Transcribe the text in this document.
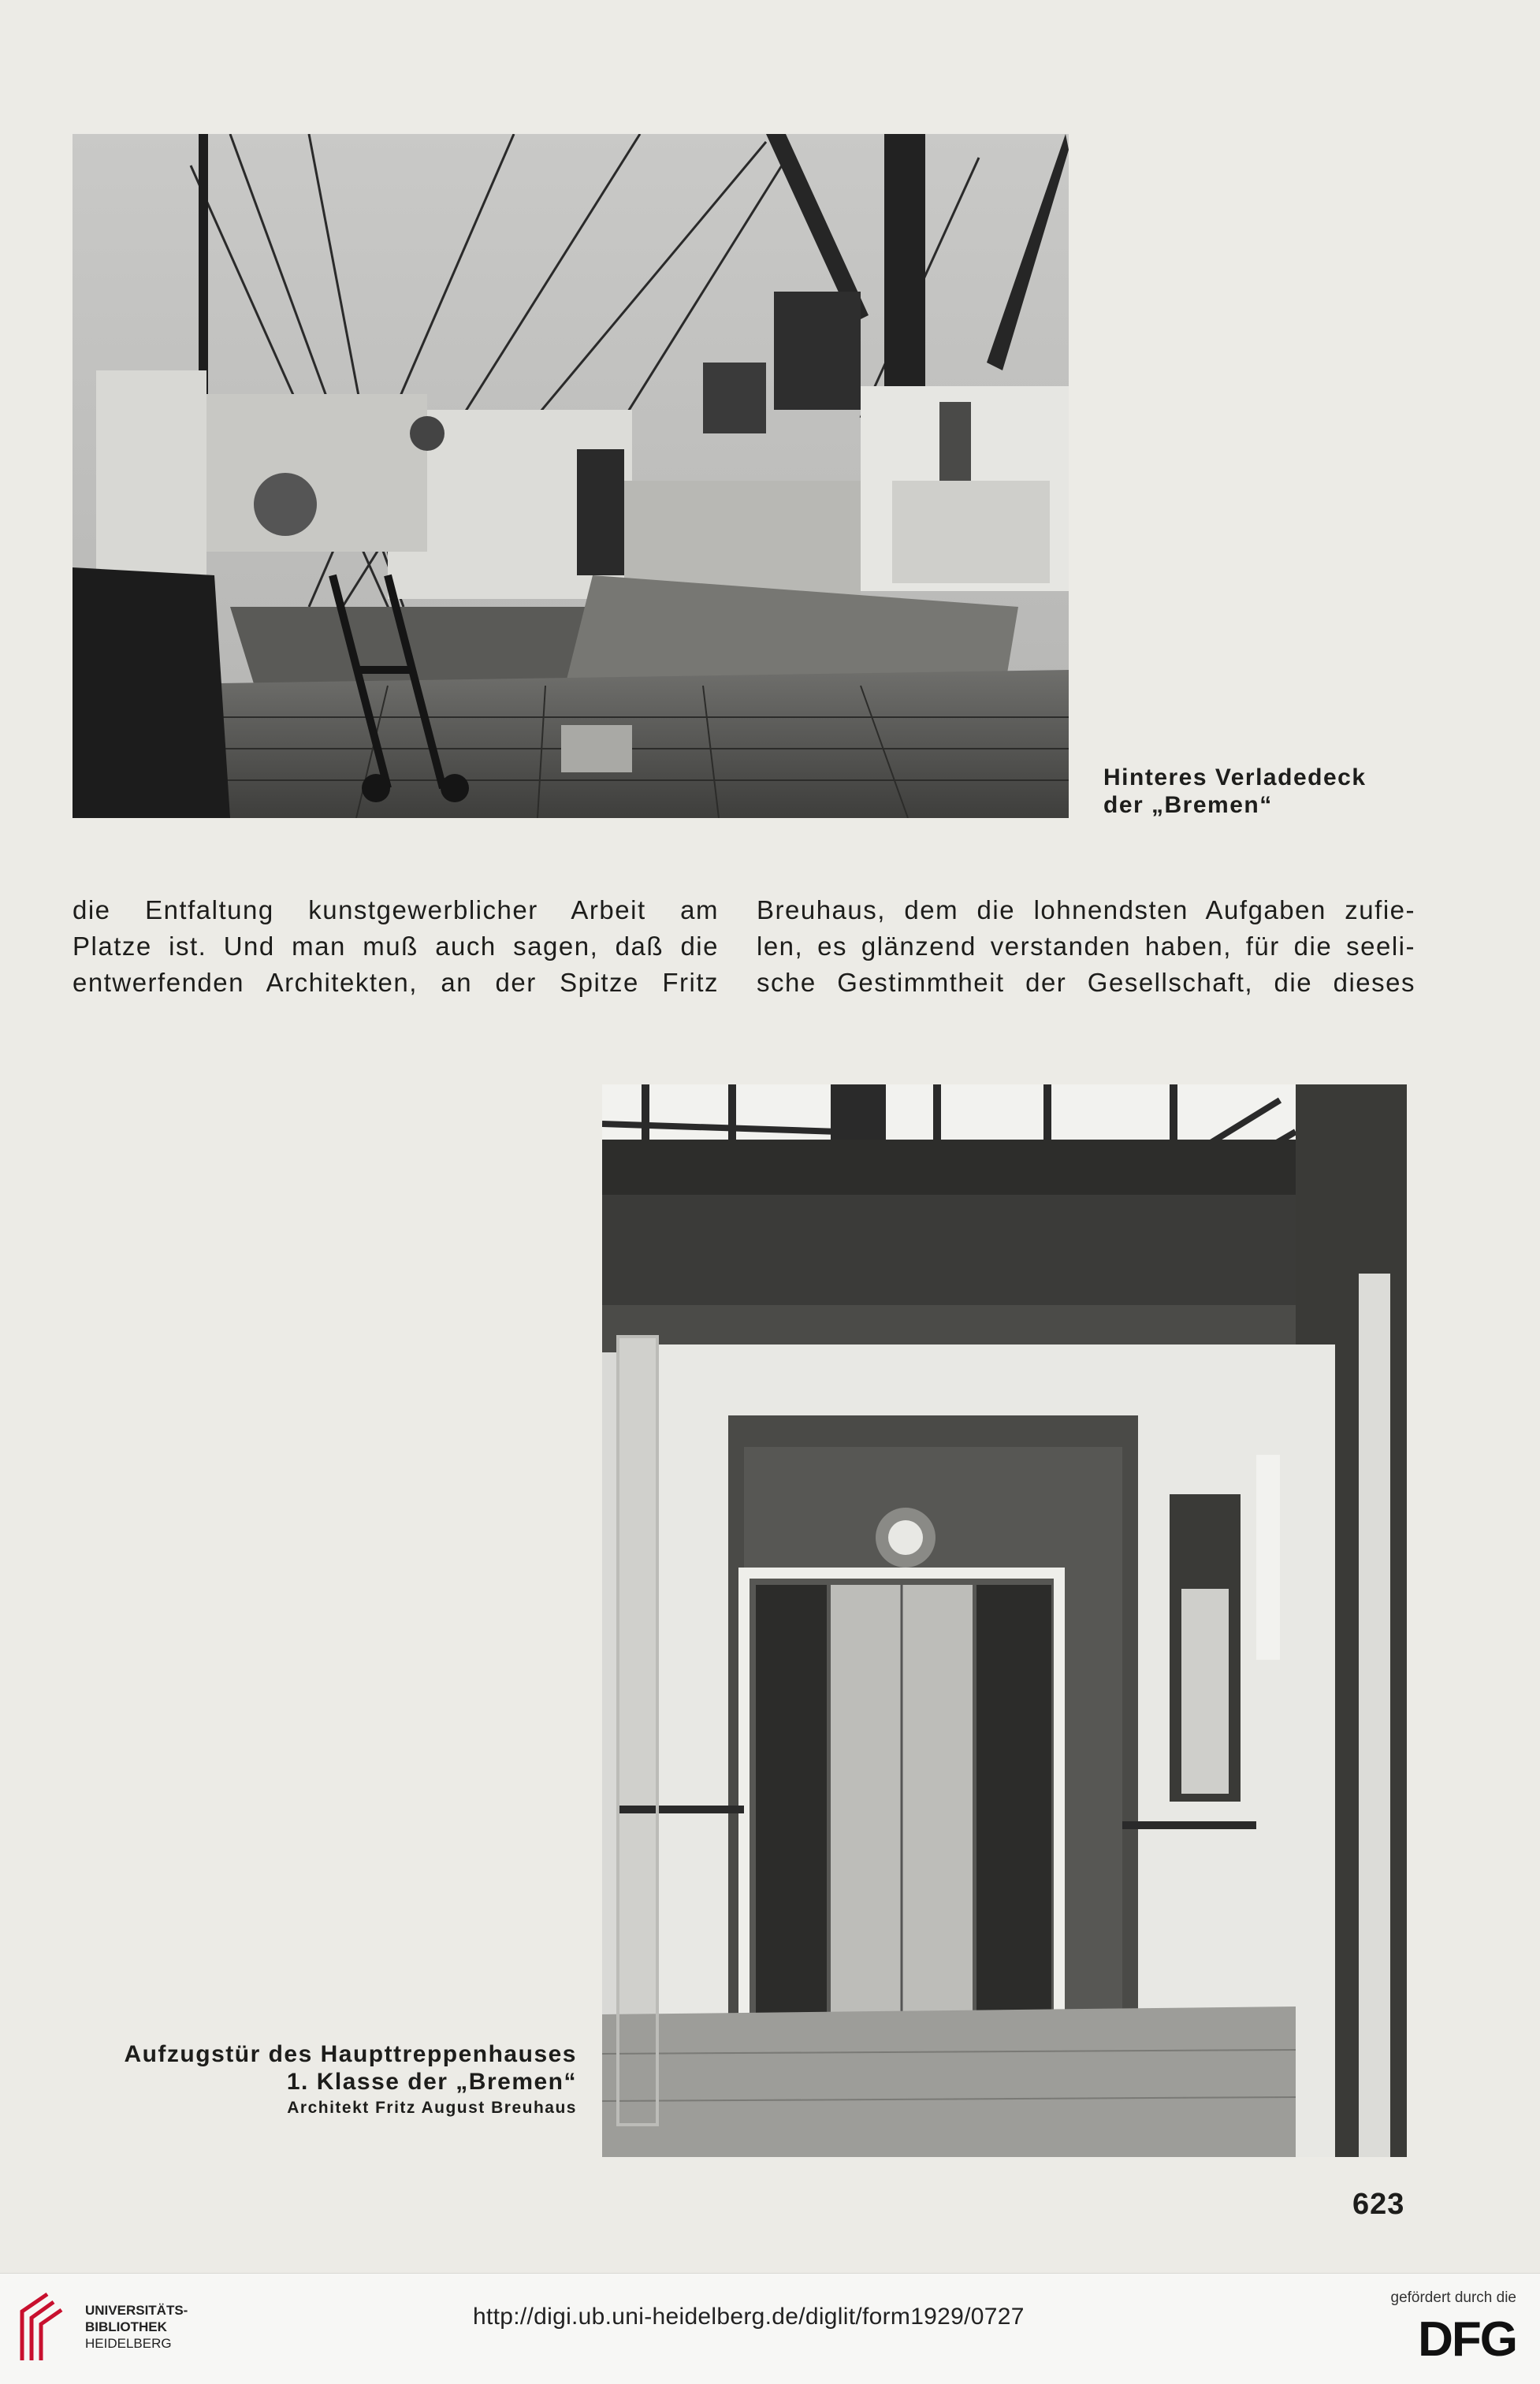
Hinteres Verladedeck
der „Bremen“
die Entfaltung kunstgewerblicher Arbeit am
Platze ist. Und man muß auch sagen, daß die
entwerfenden Architekten, an der Spitze Fritz
Breuhaus, dem die lohnendsten Aufgaben zufie-
len, es glänzend verstanden haben, für die seeli-
sche Gestimmtheit der Gesellschaft, die dieses
Aufzugstür des Haupttreppenhauses
1. Klasse der „Bremen“
Architekt Fritz August Breuhaus
623
UNIVERSITÄTS-
BIBLIOTHEK
HEIDELBERG
http://digi.ub.uni-heidelberg.de/diglit/form1929/0727
gefördert durch die
DFG
